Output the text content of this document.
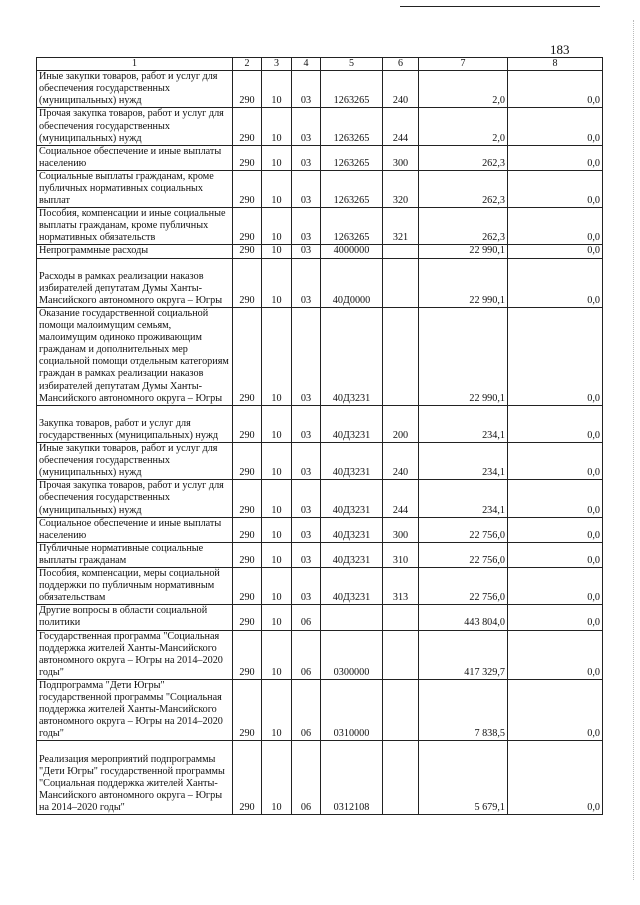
183
1	2	3	4	5	6	7	8
Иные закупки товаров, работ и услуг для обеспечения государственных (муниципальных) нужд	290	10	03	1263265	240	2,0	0,0
Прочая закупка товаров, работ и услуг для обеспечения государственных (муниципальных) нужд	290	10	03	1263265	244	2,0	0,0
Социальное обеспечение и иные выплаты населению	290	10	03	1263265	300	262,3	0,0
Социальные выплаты гражданам, кроме публичных нормативных социальных выплат	290	10	03	1263265	320	262,3	0,0
Пособия, компенсации и иные социальные выплаты гражданам, кроме публичных нормативных обязательств	290	10	03	1263265	321	262,3	0,0
Непрограммные расходы	290	10	03	4000000		22 990,1	0,0
Расходы в рамках реализации наказов избирателей депутатам Думы Ханты-Мансийского автономного округа – Югры	290	10	03	40Д0000		22 990,1	0,0
Оказание государственной социальной помощи малоимущим семьям, малоимущим одиноко проживающим гражданам и дополнительных мер социальной помощи отдельным категориям граждан в рамках реализации наказов избирателей депутатам Думы Ханты-Мансийского автономного округа – Югры	290	10	03	40Д3231		22 990,1	0,0
Закупка товаров, работ и услуг для государственных (муниципальных) нужд	290	10	03	40Д3231	200	234,1	0,0
Иные закупки товаров, работ и услуг для обеспечения государственных (муниципальных) нужд	290	10	03	40Д3231	240	234,1	0,0
Прочая закупка товаров, работ и услуг для обеспечения государственных (муниципальных) нужд	290	10	03	40Д3231	244	234,1	0,0
Социальное обеспечение и иные выплаты населению	290	10	03	40Д3231	300	22 756,0	0,0
Публичные нормативные социальные выплаты гражданам	290	10	03	40Д3231	310	22 756,0	0,0
Пособия, компенсации, меры социальной поддержки по публичным нормативным обязательствам	290	10	03	40Д3231	313	22 756,0	0,0
Другие вопросы в области социальной политики	290	10	06			443 804,0	0,0
Государственная программа "Социальная поддержка жителей Ханты-Мансийского автономного округа – Югры на 2014–2020 годы"	290	10	06	0300000		417 329,7	0,0
Подпрограмма "Дети Югры" государственной программы "Социальная поддержка жителей Ханты-Мансийского автономного округа – Югры на 2014–2020 годы"	290	10	06	0310000		7 838,5	0,0
Реализация мероприятий подпрограммы "Дети Югры" государственной программы "Социальная поддержка жителей Ханты-Мансийского автономного округа – Югры на 2014–2020 годы"	290	10	06	0312108		5 679,1	0,0
